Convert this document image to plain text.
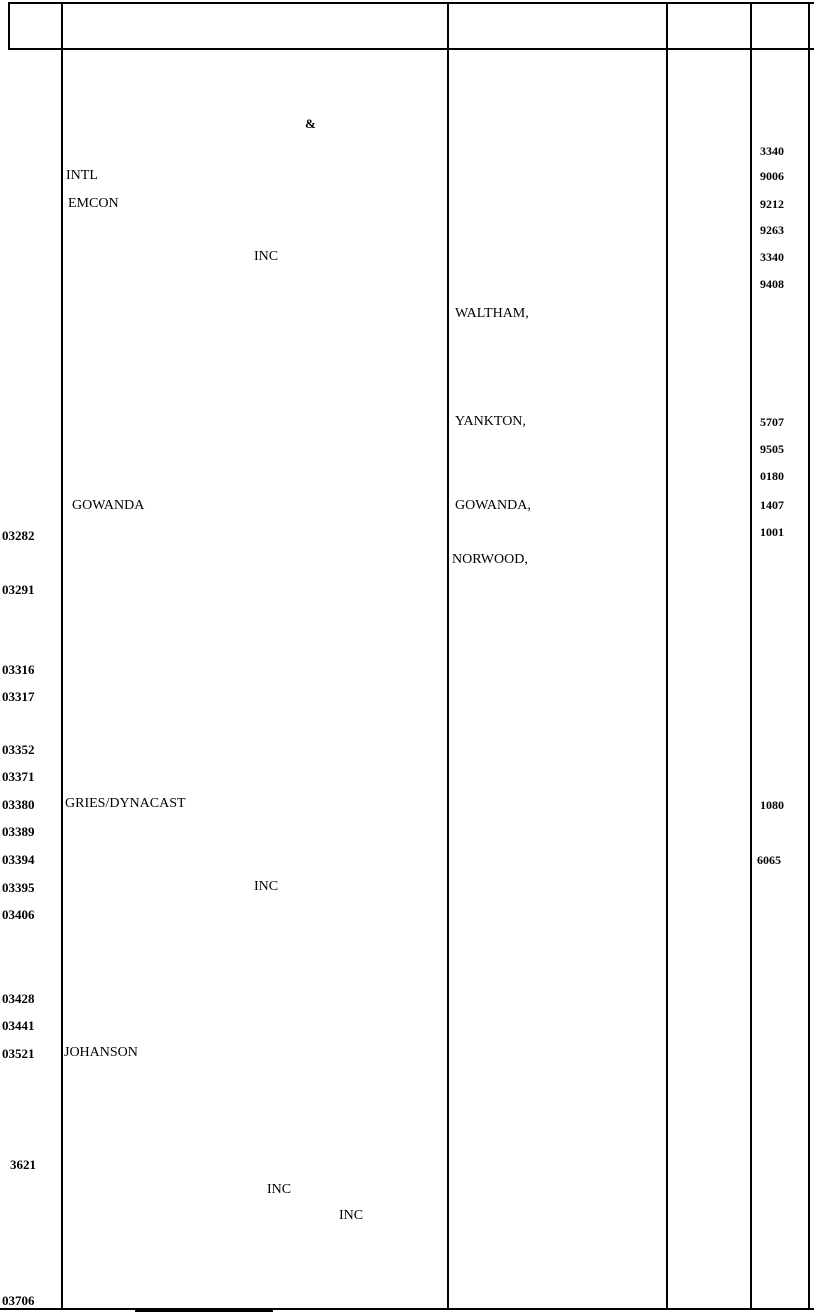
03282
03291
03316
03317
03352
03371
03380
03389
03394
03395
03406
03428
03441
03521
3621
03706
&
INTL
EMCON
INC
GOWANDA
GRIES/DYNACAST
INC
JOHANSON
INC
INC
WALTHAM,
YANKTON,
GOWANDA,
NORWOOD,
3340
9006
9212
9263
3340
9408
5707
9505
0180
1407
1001
1080
6065
